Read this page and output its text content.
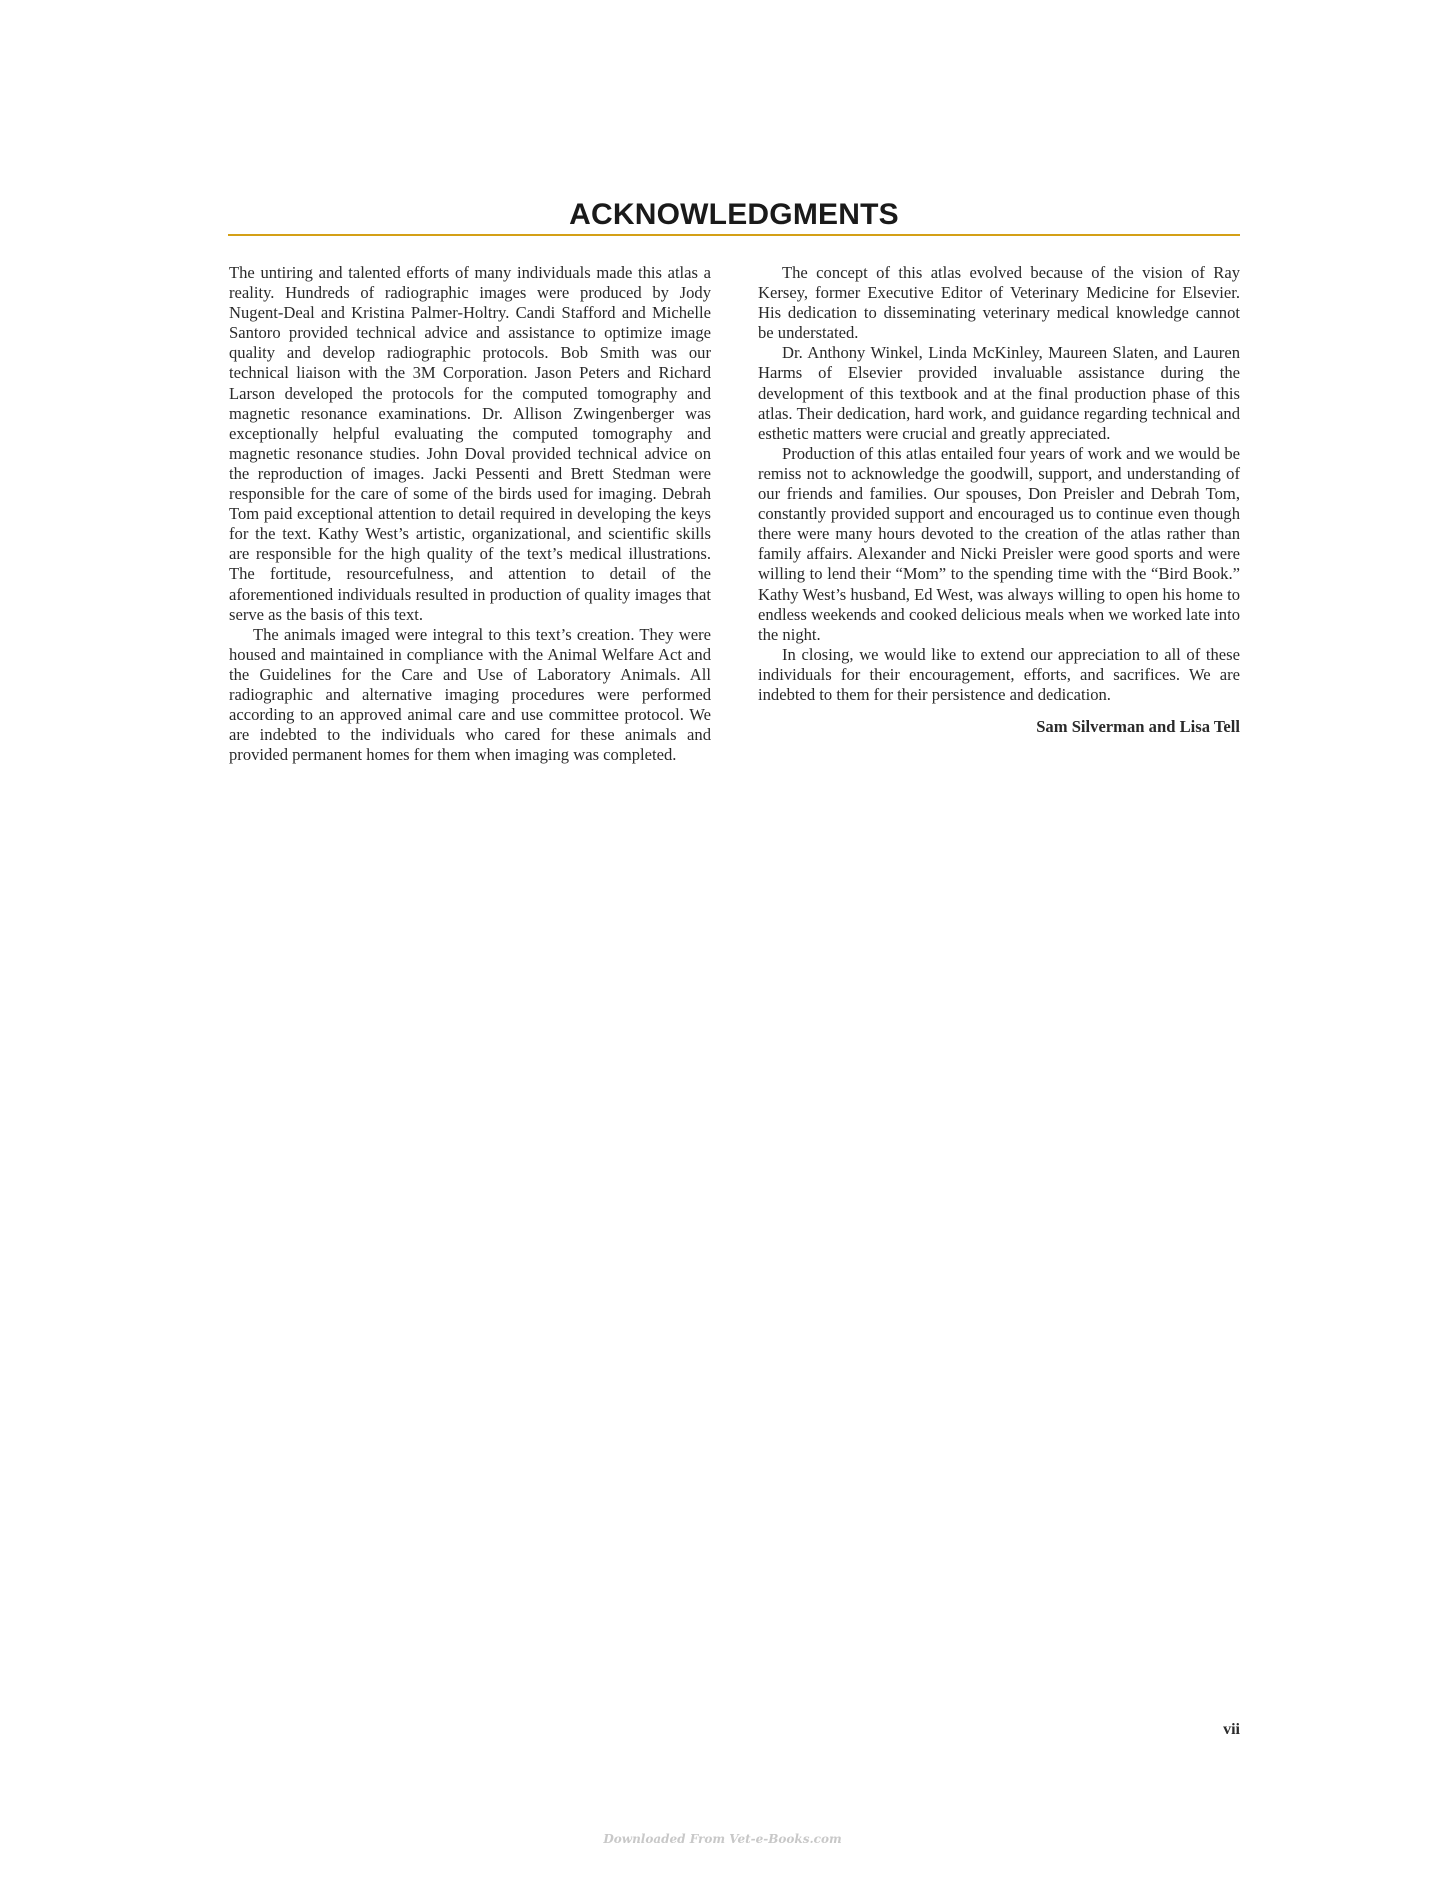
ACKNOWLEDGMENTS

The untiring and talented efforts of many individuals made this atlas a reality. Hundreds of radiographic images were produced by Jody Nugent-Deal and Kristina Palmer-Holtry. Candi Stafford and Michelle Santoro provided technical advice and assistance to optimize image quality and develop radiographic protocols. Bob Smith was our technical liaison with the 3M Corporation. Jason Peters and Richard Larson developed the protocols for the computed tomography and magnetic resonance examinations. Dr. Allison Zwingenberger was exceptionally helpful evaluating the computed tomography and magnetic resonance studies. John Doval provided technical advice on the reproduction of images. Jacki Pessenti and Brett Stedman were responsible for the care of some of the birds used for imaging. Debrah Tom paid exceptional attention to detail required in developing the keys for the text. Kathy West’s artistic, organizational, and scientific skills are responsible for the high quality of the text’s medical illustrations. The fortitude, resourcefulness, and attention to detail of the aforementioned individuals resulted in production of quality images that serve as the basis of this text.

The animals imaged were integral to this text’s creation. They were housed and maintained in compliance with the Animal Welfare Act and the Guidelines for the Care and Use of Laboratory Animals. All radiographic and alternative imaging procedures were performed according to an approved animal care and use committee protocol. We are indebted to the individuals who cared for these animals and provided permanent homes for them when imaging was completed.

The concept of this atlas evolved because of the vision of Ray Kersey, former Executive Editor of Veterinary Medicine for Elsevier. His dedication to disseminating veterinary medical knowledge cannot be understated.

Dr. Anthony Winkel, Linda McKinley, Maureen Slaten, and Lauren Harms of Elsevier provided invaluable assistance during the development of this textbook and at the final production phase of this atlas. Their dedication, hard work, and guidance regarding technical and esthetic matters were crucial and greatly appreciated.

Production of this atlas entailed four years of work and we would be remiss not to acknowledge the goodwill, support, and understanding of our friends and families. Our spouses, Don Preisler and Debrah Tom, constantly provided support and encouraged us to continue even though there were many hours devoted to the creation of the atlas rather than family affairs. Alexander and Nicki Preisler were good sports and were willing to lend their “Mom” to the spending time with the “Bird Book.” Kathy West’s husband, Ed West, was always willing to open his home to endless weekends and cooked delicious meals when we worked late into the night.

In closing, we would like to extend our appreciation to all of these individuals for their encouragement, efforts, and sacrifices. We are indebted to them for their persistence and dedication.

Sam Silverman and Lisa Tell
vii
Downloaded From Vet-e-Books.com
